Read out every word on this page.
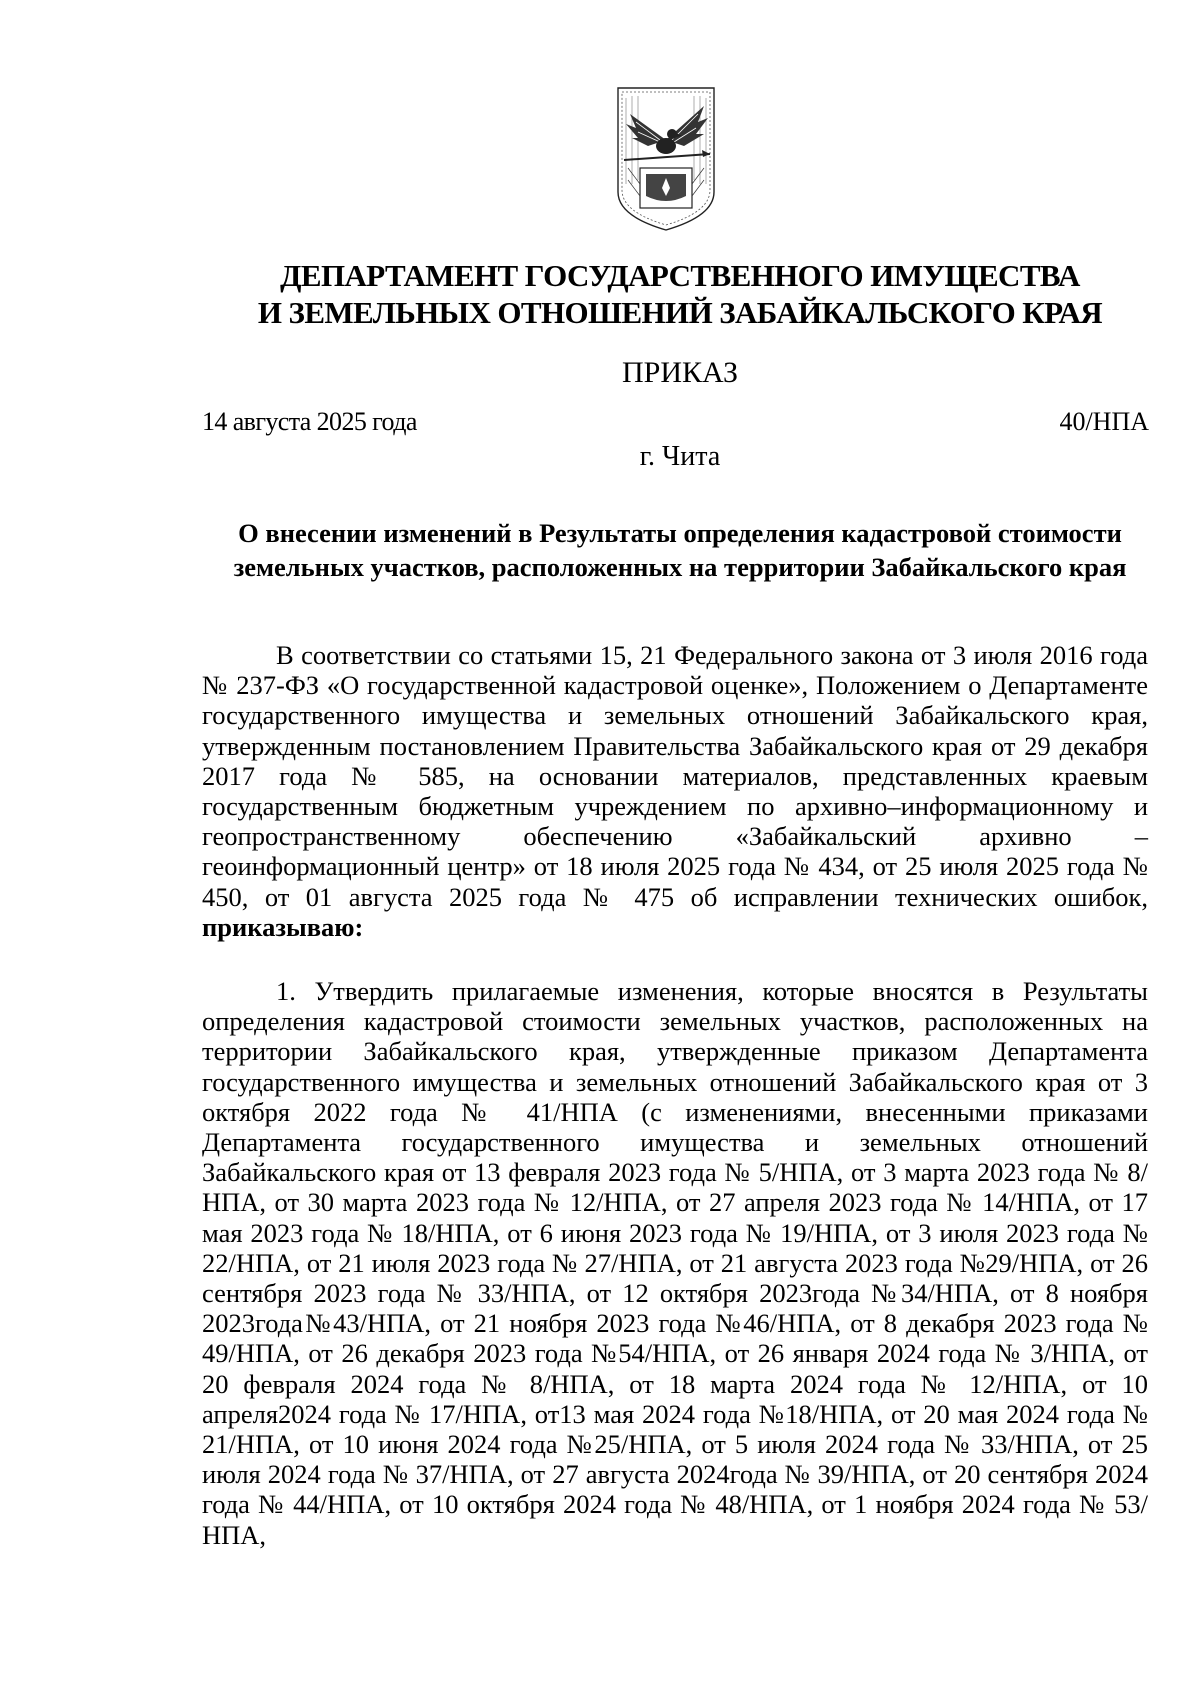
ДЕПАРТАМЕНТ ГОСУДАРСТВЕННОГО ИМУЩЕСТВА
И ЗЕМЕЛЬНЫХ ОТНОШЕНИЙ ЗАБАЙКАЛЬСКОГО КРАЯ
ПРИКАЗ
14 августа 2025 года	40/НПА
г. Чита
О внесении изменений в Результаты определения кадастровой стоимости
земельных участков, расположенных на территории Забайкальского края

В соответствии со статьями 15, 21 Федерального закона от 3 июля 2016 года № 237-ФЗ «О государственной кадастровой оценке», Положением о Департаменте государственного имущества и земельных отношений Забайкальского края, утвержденным постановлением Правительства Забайкальского края от 29 декабря 2017 года № 585, на основании материалов, представленных краевым государственным бюджетным учреждением по архивно–информационному и геопространственному обеспечению «Забайкальский архивно – геоинформационный центр» от 18 июля 2025 года № 434, от 25 июля 2025 года № 450, от 01 августа 2025 года № 475 об исправлении технических ошибок, приказываю:

1. Утвердить прилагаемые изменения, которые вносятся в Результаты определения кадастровой стоимости земельных участков, расположенных на территории Забайкальского края, утвержденные приказом Департамента государственного имущества и земельных отношений Забайкальского края от 3 октября 2022 года № 41/НПА (с изменениями, внесенными приказами Департамента государственного имущества и земельных отношений Забайкальского края от 13 февраля 2023 года № 5/НПА, от 3 марта 2023 года № 8/НПА, от 30 марта 2023 года № 12/НПА, от 27 апреля 2023 года № 14/НПА, от 17 мая 2023 года № 18/НПА, от 6 июня 2023 года № 19/НПА, от 3 июля 2023 года № 22/НПА, от 21 июля 2023 года № 27/НПА, от 21 августа 2023 года №29/НПА, от 26 сентября 2023 года № 33/НПА, от 12 октября 2023года №34/НПА, от 8 ноября 2023года№43/НПА, от 21 ноября 2023 года №46/НПА, от 8 декабря 2023 года № 49/НПА, от 26 декабря 2023 года №54/НПА, от 26 января 2024 года № 3/НПА, от 20 февраля 2024 года № 8/НПА, от 18 марта 2024 года № 12/НПА, от 10 апреля2024 года № 17/НПА, от13 мая 2024 года №18/НПА, от 20 мая 2024 года № 21/НПА, от 10 июня 2024 года №25/НПА, от 5 июля 2024 года № 33/НПА, от 25 июля 2024 года № 37/НПА, от 27 августа 2024года № 39/НПА, от 20 сентября 2024 года № 44/НПА, от 10 октября 2024 года № 48/НПА, от 1 ноября 2024 года № 53/НПА,
